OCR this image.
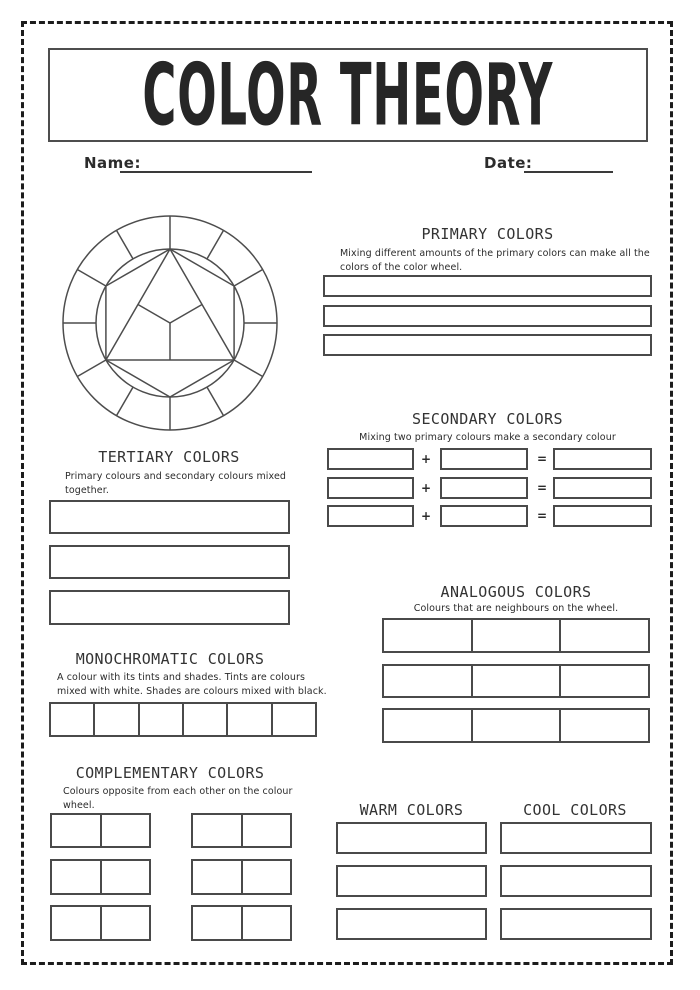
COLOR THEORY
Name:	Date:
PRIMARY COLORS
Mixing different amounts of the primary colors can make all the
colors of the color wheel.
SECONDARY COLORS
Mixing two primary colours make a secondary colour
+	=
+	=
+	=
TERTIARY COLORS
Primary colours and secondary colours mixed
together.
ANALOGOUS COLORS
Colours that are neighbours on the wheel.
MONOCHROMATIC COLORS
A colour with its tints and shades. Tints are colours
mixed with white. Shades are colours mixed with black.
COMPLEMENTARY COLORS
Colours opposite from each other on the colour
wheel.	WARM COLORS	COOL COLORS
